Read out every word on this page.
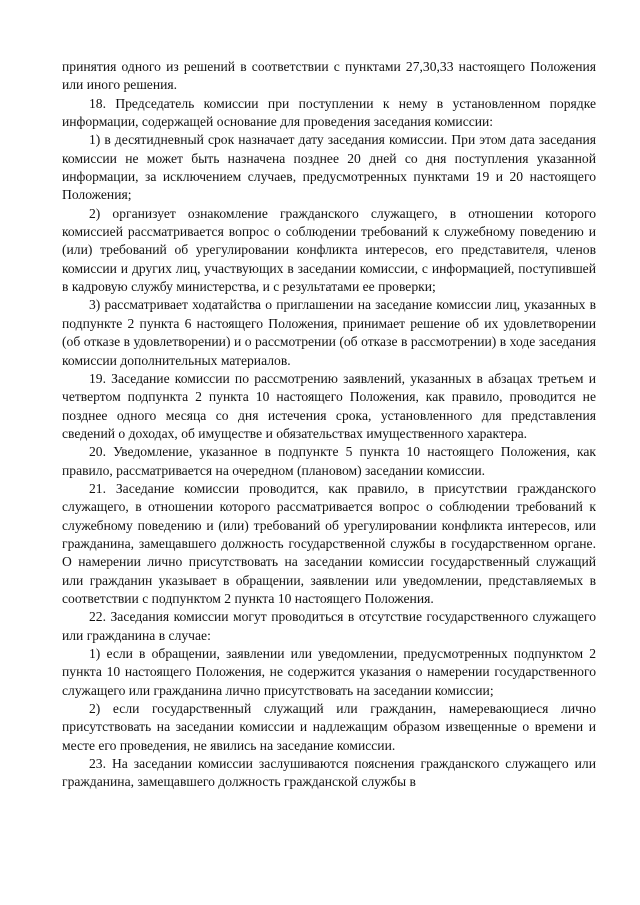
принятия одного из решений в соответствии с пунктами 27,30,33 настоящего Положения или иного решения.

18. Председатель комиссии при поступлении к нему в установленном порядке информации, содержащей основание для проведения заседания комиссии:

1) в десятидневный срок назначает дату заседания комиссии. При этом дата заседания комиссии не может быть назначена позднее 20 дней со дня поступления указанной информации, за исключением случаев, предусмотренных пунктами 19 и 20 настоящего Положения;

2) организует ознакомление гражданского служащего, в отношении которого комиссией рассматривается вопрос о соблюдении требований к служебному поведению и (или) требований об урегулировании конфликта интересов, его представителя, членов комиссии и других лиц, участвующих в заседании комиссии, с информацией, поступившей в кадровую службу министерства, и с результатами ее проверки;

3) рассматривает ходатайства о приглашении на заседание комиссии лиц, указанных в подпункте 2 пункта 6 настоящего Положения, принимает решение об их удовлетворении (об отказе в удовлетворении) и о рассмотрении (об отказе в рассмотрении) в ходе заседания комиссии дополнительных материалов.

19. Заседание комиссии по рассмотрению заявлений, указанных в абзацах третьем и четвертом подпункта 2 пункта 10 настоящего Положения, как правило, проводится не позднее одного месяца со дня истечения срока, установленного для представления сведений о доходах, об имуществе и обязательствах имущественного характера.

20. Уведомление, указанное в подпункте 5 пункта 10 настоящего Положения, как правило, рассматривается на очередном (плановом) заседании комиссии.

21. Заседание комиссии проводится, как правило, в присутствии гражданского служащего, в отношении которого рассматривается вопрос о соблюдении требований к служебному поведению и (или) требований об урегулировании конфликта интересов, или гражданина, замещавшего должность государственной службы в государственном органе. О намерении лично присутствовать на заседании комиссии государственный служащий или гражданин указывает в обращении, заявлении или уведомлении, представляемых в соответствии с подпунктом 2 пункта 10 настоящего Положения.

22. Заседания комиссии могут проводиться в отсутствие государственного служащего или гражданина в случае:

1) если в обращении, заявлении или уведомлении, предусмотренных подпунктом 2 пункта 10 настоящего Положения, не содержится указания о намерении государственного служащего или гражданина лично присутствовать на заседании комиссии;

2) если государственный служащий или гражданин, намеревающиеся лично присутствовать на заседании комиссии и надлежащим образом извещенные о времени и месте его проведения, не явились на заседание комиссии.

23. На заседании комиссии заслушиваются пояснения гражданского служащего или гражданина, замещавшего должность гражданской службы в
